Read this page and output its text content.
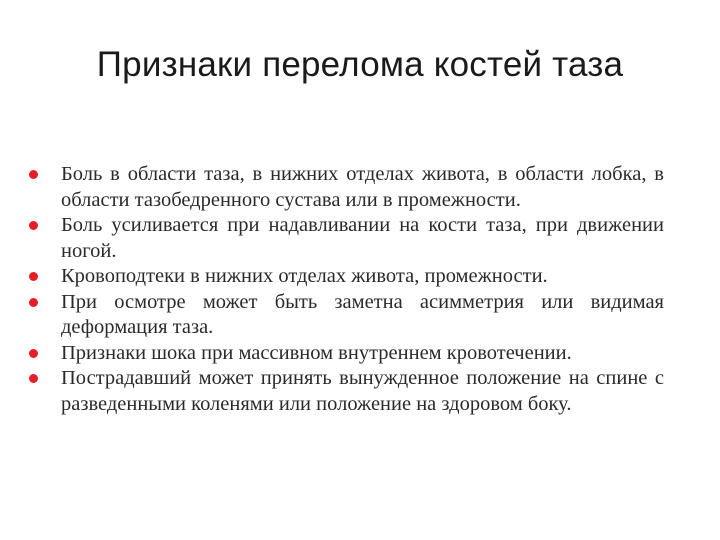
Признаки перелома костей таза
Боль в области таза, в нижних отделах живота, в области лобка, в области тазобедренного сустава или в промежности.
Боль усиливается при надавливании на кости таза, при движении ногой.
Кровоподтеки в нижних отделах живота, промежности.
При осмотре может быть заметна асимметрия или видимая деформация таза.
Признаки шока при массивном внутреннем кровотечении.
Пострадавший может принять вынужденное положение на спине с разведенными коленями или положение на здоровом боку.
